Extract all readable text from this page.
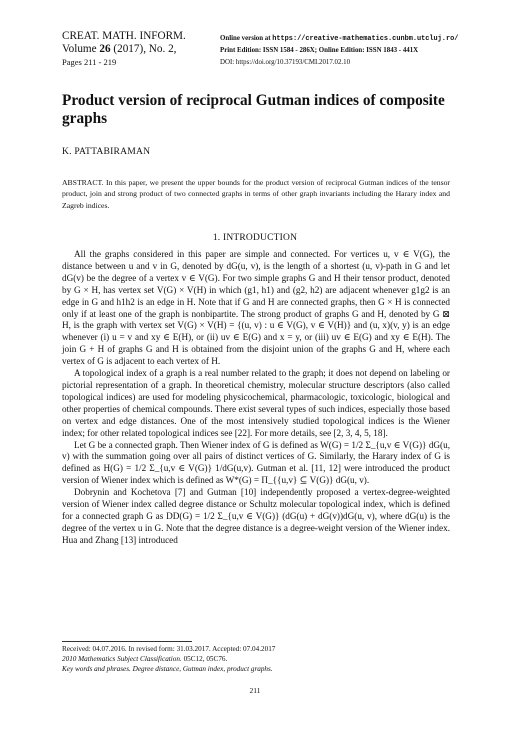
CREAT. MATH. INFORM.
Volume 26 (2017), No. 2,
Pages 211 - 219
Online version at https://creative-mathematics.cunbm.utcluj.ro/
Print Edition: ISSN 1584 - 286X; Online Edition: ISSN 1843 - 441X
DOI: https://doi.org/10.37193/CMI.2017.02.10
Product version of reciprocal Gutman indices of composite graphs
K. PATTABIRAMAN
ABSTRACT. In this paper, we present the upper bounds for the product version of reciprocal Gutman indices of the tensor product, join and strong product of two connected graphs in terms of other graph invariants including the Harary index and Zagreb indices.
1. INTRODUCTION

All the graphs considered in this paper are simple and connected. For vertices u, v ∈ V(G), the distance between u and v in G, denoted by dG(u, v), is the length of a shortest (u, v)-path in G and let dG(v) be the degree of a vertex v ∈ V(G). For two simple graphs G and H their tensor product, denoted by G × H, has vertex set V(G) × V(H) in which (g1, h1) and (g2, h2) are adjacent whenever g1g2 is an edge in G and h1h2 is an edge in H. Note that if G and H are connected graphs, then G × H is connected only if at least one of the graph is nonbipartite. The strong product of graphs G and H, denoted by G ⊠ H, is the graph with vertex set V(G) × V(H) = {(u, v) : u ∈ V(G), v ∈ V(H)} and (u, x)(v, y) is an edge whenever (i) u = v and xy ∈ E(H), or (ii) uv ∈ E(G) and x = y, or (iii) uv ∈ E(G) and xy ∈ E(H). The join G + H of graphs G and H is obtained from the disjoint union of the graphs G and H, where each vertex of G is adjacent to each vertex of H.

A topological index of a graph is a real number related to the graph; it does not depend on labeling or pictorial representation of a graph. In theoretical chemistry, molecular structure descriptors (also called topological indices) are used for modeling physicochemical, pharmacologic, toxicologic, biological and other properties of chemical compounds. There exist several types of such indices, especially those based on vertex and edge distances. One of the most intensively studied topological indices is the Wiener index; for other related topological indices see [22]. For more details, see [2, 3, 4, 5, 18].

Let G be a connected graph. Then Wiener index of G is defined as W(G) = 1/2 Σ_{u,v ∈ V(G)} dG(u, v) with the summation going over all pairs of distinct vertices of G. Similarly, the Harary index of G is defined as H(G) = 1/2 Σ_{u,v ∈ V(G)} 1/dG(u,v). Gutman et al. [11, 12] were introduced the product version of Wiener index which is defined as W*(G) = Π_{{u,v} ⊆ V(G)} dG(u, v).

Dobrynin and Kochetova [7] and Gutman [10] independently proposed a vertex-degree-weighted version of Wiener index called degree distance or Schultz molecular topological index, which is defined for a connected graph G as DD(G) = 1/2 Σ_{u,v ∈ V(G)} (dG(u) + dG(v))dG(u, v), where dG(u) is the degree of the vertex u in G. Note that the degree distance is a degree-weight version of the Wiener index. Hua and Zhang [13] introduced

Received: 04.07.2016. In revised form: 31.03.2017. Accepted: 07.04.2017
2010 Mathematics Subject Classification. 05C12, 05C76.
Key words and phrases. Degree distance, Gutman index, product graphs.
211
